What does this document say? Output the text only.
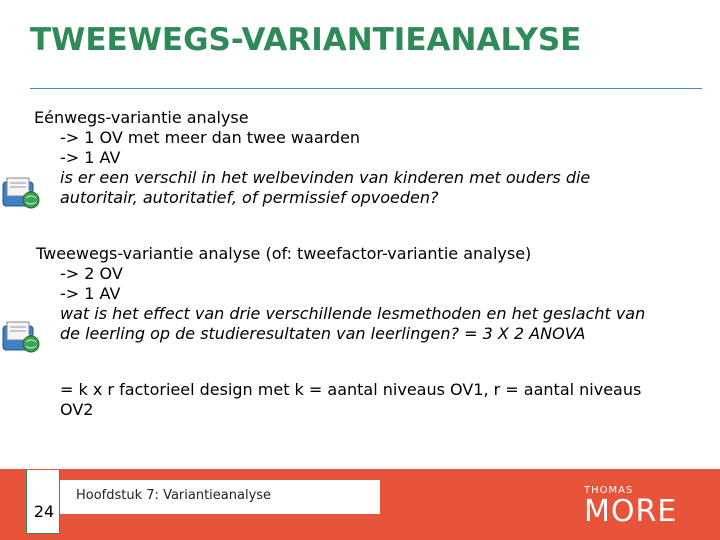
TWEEWEGS-VARIANTIEANALYSE
Eénwegs-variantie analyse
-> 1 OV met meer dan twee waarden
-> 1 AV
is er een verschil in het welbevinden van kinderen met ouders die
autoritair, autoritatief, of permissief opvoeden?
Tweewegs-variantie analyse (of: tweefactor-variantie analyse)
-> 2 OV
-> 1 AV
wat is het effect van drie verschillende lesmethoden en het geslacht van
de leerling op de studieresultaten van leerlingen? = 3 X 2 ANOVA
= k x r factorieel design met k = aantal niveaus OV1, r = aantal niveaus
OV2
24
Hoofdstuk 7: Variantieanalyse	THOMAS
MORE
